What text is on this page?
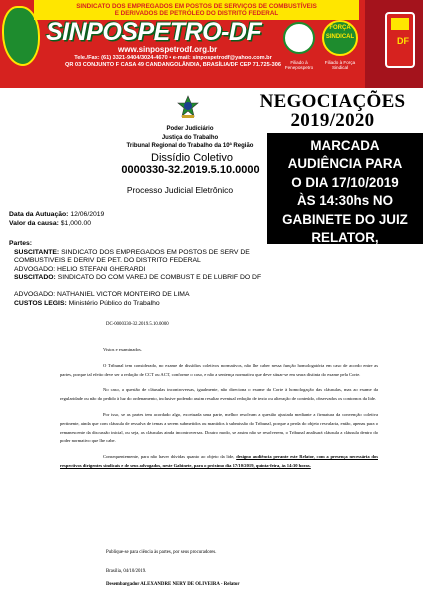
SINDICATO DOS EMPREGADOS EM POSTOS DE SERVIÇOS DE COMBUSTÍVEIS
E DERIVADOS DE PETRÓLEO DO DISTRITO FEDERAL
SINPOSPETRO-DF
www.sinpospetrodf.org.br
Tele./Fax: (61) 3321-9404/3024-4670 • e-mail: sinpospetrodf@yahoo.com.br
QR 03 CONJUNTO F CASA 49 CANDANGOLÂNDIA, BRASÍLIA/DF CEP 71.725-306	Filiado à Fenepospetro
FORÇA SINDICAL
Filiado à Força Sindical
DF
NEGOCIAÇÕES
2019/2020
MARCADA
AUDIÊNCIA PARA
O DIA 17/10/2019
ÀS 14:30hs NO
GABINETE DO JUIZ
RELATOR,
Alexandre Neriy.
Poder Judiciário
Justiça do Trabalho
Tribunal Regional do Trabalho da 10ª Região
Dissídio Coletivo
0000330-32.2019.5.10.0000
Processo Judicial Eletrônico
Data da Autuação: 12/06/2019
Valor da causa: $1,000.00
Partes:
SUSCITANTE: SINDICATO DOS EMPREGADOS EM POSTOS DE SERV DE
COMBUSTIVEIS E DERIV DE PET. DO DISTRITO FEDERAL
ADVOGADO: HELIO STEFANI GHERARDI
SUSCITADO: SINDICATO DO COM VAREJ DE COMBUST E DE LUBRIF DO DF
ADVOGADO: NATHANIEL VICTOR MONTEIRO DE LIMA
CUSTOS LEGIS: Ministério Público do Trabalho
DC-0000330-32.2019.5.10.0000

Vistos e examinados.

O Tribunal tem considerado, no exame de dissídios coletivos normativos, não lhe caber nessa função homologatória em caso de acordo entre as partes, porque tal efeito deve ser a redação de CCT ou ACT, conforme o caso, e não a sentença normativa que deve situar-se em seara distinta do exame pela Corte.

No caso, a questão de cláusulas incontroversas, igualmente, não direciona o exame da Corte à homologação das cláusulas, mas ao exame da regularidade ou não do pedido à luz do ordenamento, inclusive podendo assim resultar eventual redação de texto ou alteração de conteúdo, observados os contornos da lide.

Por isso, se as partes tem acordado algo, excetuada uma parte, melhor resolvam a questão ajustada mediante a firmatura da convenção coletiva pertinente, ainda que com cláusula de ressalva de temas a serem submetidos ou mantidos à submissão do Tribunal, porque a perda do objeto resvalaria, então, apenas para o remanescente da discussão inicial, ou seja, as cláusulas ainda incontroversas. Doutro modo, se assim não se resolverem, o Tribunal analisará cláusula a cláusula dentro do poder normativo que lhe cabe.

Consequentemente, para não haver dúvidas quanto ao objeto da lide, designo audiência perante este Relator, com a presença necessária dos respectivos dirigentes sindicais e de seus advogados, neste Gabinete, para o próximo dia 17/10/2019, quinta-feira, às 14:30 horas.

Publique-se para ciência às partes, por seus procuradores.
Brasília, 04/10/2019.
Desembargador ALEXANDRE NERY DE OLIVEIRA - Relator
